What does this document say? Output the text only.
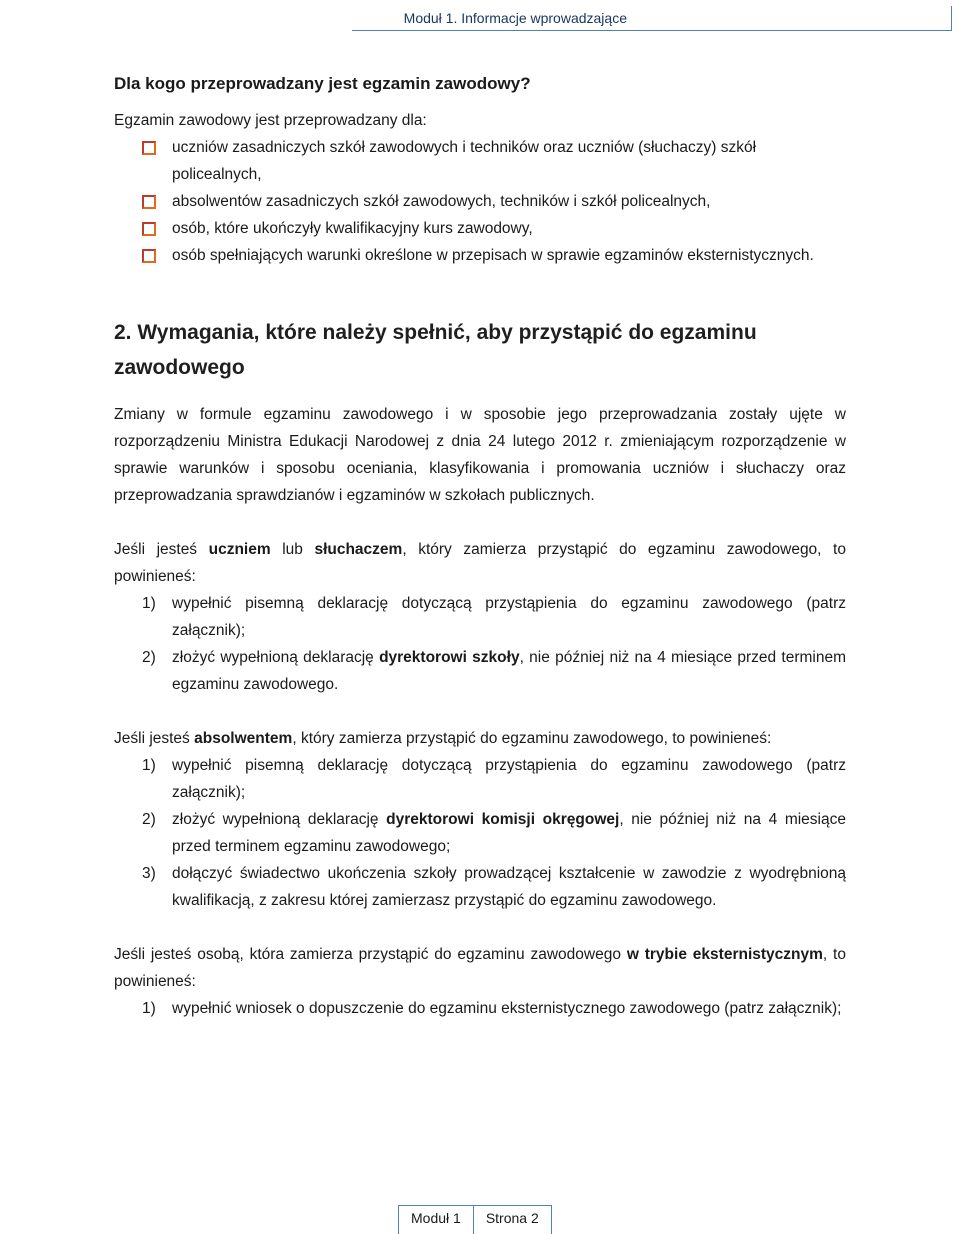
Moduł 1. Informacje wprowadzające
Dla kogo przeprowadzany jest egzamin zawodowy?

Egzamin zawodowy jest przeprowadzany dla:

uczniów zasadniczych szkół zawodowych i techników oraz uczniów (słuchaczy) szkół policealnych,
absolwentów zasadniczych szkół zawodowych, techników i szkół policealnych,
osób, które ukończyły kwalifikacyjny kurs zawodowy,
osób spełniających warunki określone w przepisach w sprawie egzaminów eksternistycznych.
2. Wymagania, które należy spełnić, aby przystąpić do egzaminu zawodowego

Zmiany w formule egzaminu zawodowego i w sposobie jego przeprowadzania zostały ujęte w rozporządzeniu Ministra Edukacji Narodowej z dnia 24 lutego 2012 r. zmieniającym rozporządzenie w sprawie warunków i sposobu oceniania, klasyfikowania i promowania uczniów i słuchaczy oraz przeprowadzania sprawdzianów i egzaminów w szkołach publicznych.

Jeśli jesteś uczniem lub słuchaczem, który zamierza przystąpić do egzaminu zawodowego, to powinieneś:

1) wypełnić pisemną deklarację dotyczącą przystąpienia do egzaminu zawodowego (patrz załącznik);
2) złożyć wypełnioną deklarację dyrektorowi szkoły, nie później niż na 4 miesiące przed terminem egzaminu zawodowego.

Jeśli jesteś absolwentem, który zamierza przystąpić do egzaminu zawodowego, to powinieneś:

1) wypełnić pisemną deklarację dotyczącą przystąpienia do egzaminu zawodowego (patrz załącznik);
2) złożyć wypełnioną deklarację dyrektorowi komisji okręgowej, nie później niż na 4 miesiące przed terminem egzaminu zawodowego;
3) dołączyć świadectwo ukończenia szkoły prowadzącej kształcenie w zawodzie z wyodrębnioną kwalifikacją, z zakresu której zamierzasz przystąpić do egzaminu zawodowego.

Jeśli jesteś osobą, która zamierza przystąpić do egzaminu zawodowego w trybie eksternistycznym, to powinieneś:

1) wypełnić wniosek o dopuszczenie do egzaminu eksternistycznego zawodowego (patrz załącznik);
Moduł 1	Strona 2
